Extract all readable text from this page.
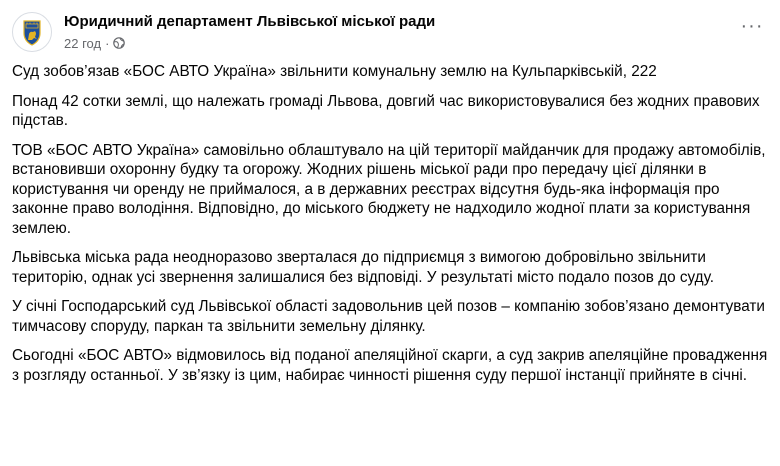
Юридичний департамент Львівської міської ради
22 год ·
···

Суд зобов’язав «БОС АВТО Україна» звільнити комунальну землю на Кульпарківській, 222

Понад 42 сотки землі, що належать громаді Львова, довгий час використовувалися без жодних правових підстав.

ТОВ «БОС АВТО Україна» самовільно облаштувало на цій території майданчик для продажу автомобілів, встановивши охоронну будку та огорожу. Жодних рішень міської ради про передачу цієї ділянки в користування чи оренду не приймалося, а в державних реєстрах відсутня будь-яка інформація про законне право володіння. Відповідно, до міського бюджету не надходило жодної плати за користування землею.

Львівська міська рада неодноразово зверталася до підприємця з вимогою добровільно звільнити територію, однак усі звернення залишалися без відповіді. У результаті місто подало позов до суду.

У січні Господарський суд Львівської області задовольнив цей позов – компанію зобов’язано демонтувати тимчасову споруду, паркан та звільнити земельну ділянку.

Сьогодні «БОС АВТО» відмовилось від поданої апеляційної скарги, а суд закрив апеляційне провадження з розгляду останньої. У зв’язку із цим, набирає чинності рішення суду першої інстанції прийняте в січні.
